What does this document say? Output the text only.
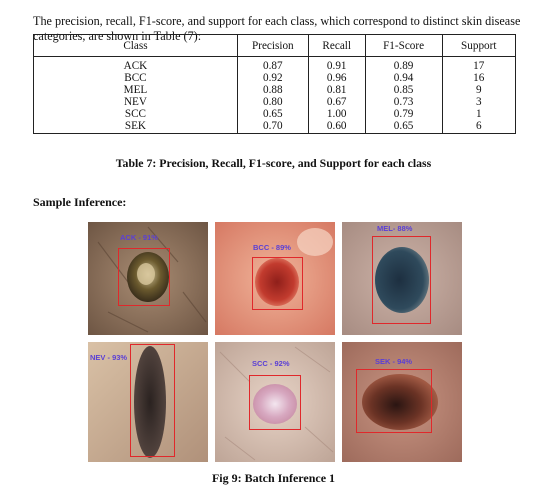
The precision, recall, F1-score, and support for each class, which correspond to distinct skin disease categories, are shown in Table (7):

Class	Precision	Recall	F1-Score	Support
ACK	0.87	0.91	0.89	17
BCC	0.92	0.96	0.94	16
MEL	0.88	0.81	0.85	9
NEV	0.80	0.67	0.73	3
SCC	0.65	1.00	0.79	1
SEK	0.70	0.60	0.65	6
Table 7: Precision, Recall, F1-score, and Support for each class
Sample Inference:
ACK - 91%
BCC - 89%
MEL- 88%
NEV - 93%
SCC - 92%	SEK - 94%
Fig 9: Batch Inference 1
